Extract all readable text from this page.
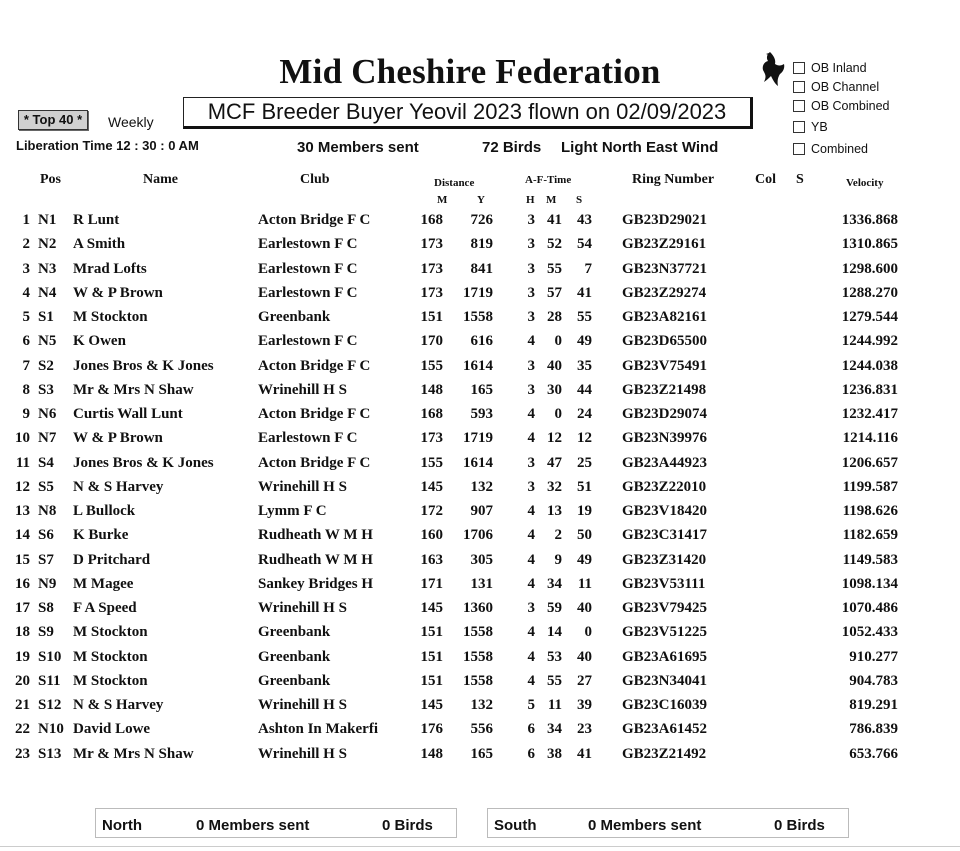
Mid Cheshire Federation	OB Inland
OB Channel
OB Combined
YB
Combined
* Top 40 *	Weekly	MCF Breeder Buyer Yeovil 2023 flown on 02/09/2023
Liberation Time 12 : 30 : 0 AM	30 Members sent	72 Birds Light North East Wind
Pos	Name	Club	Distance
M	Y
A-F-Time
H M S
Ring Number	Col S	Velocity
1 N1 R Lunt	Acton Bridge F C	168 726 3 41 43 GB23D29021	1336.868
2 N2 A Smith	Earlestown F C	173 819 3 52 54 GB23Z29161	1310.865
3 N3 Mrad Lofts	Earlestown F C	173 841 3 55 7 GB23N37721	1298.600
4 N4 W & P Brown	Earlestown F C	173 1719 3 57 41 GB23Z29274	1288.270
5 S1 M Stockton	Greenbank	151 1558 3 28 55 GB23A82161	1279.544
6 N5 K Owen	Earlestown F C	170 616 4 0 49 GB23D65500	1244.992
7 S2 Jones Bros & K Jones	Acton Bridge F C	155 1614 3 40 35 GB23V75491	1244.038
8 S3 Mr & Mrs N Shaw	Wrinehill H S	148 165 3 30 44 GB23Z21498	1236.831
9 N6 Curtis Wall Lunt	Acton Bridge F C	168 593 4 0 24 GB23D29074	1232.417
10 N7 W & P Brown	Earlestown F C	173 1719 4 12 12 GB23N39976	1214.116
11 S4 Jones Bros & K Jones	Acton Bridge F C	155 1614 3 47 25 GB23A44923	1206.657
12 S5 N & S Harvey	Wrinehill H S	145 132 3 32 51 GB23Z22010	1199.587
13 N8 L Bullock	Lymm F C	172 907 4 13 19 GB23V18420	1198.626
14 S6 K Burke	Rudheath W M H	160 1706 4 2 50 GB23C31417	1182.659
15 S7 D Pritchard	Rudheath W M H	163 305 4 9 49 GB23Z31420	1149.583
16 N9 M Magee	Sankey Bridges H	171 131 4 34 11 GB23V53111	1098.134
17 S8 F A Speed	Wrinehill H S	145 1360 3 59 40 GB23V79425	1070.486
18 S9 M Stockton	Greenbank	151 1558 4 14 0 GB23V51225	1052.433
19 S10 M Stockton	Greenbank	151 1558 4 53 40 GB23A61695	910.277
20 S11 M Stockton	Greenbank	151 1558 4 55 27 GB23N34041	904.783
21 S12 N & S Harvey	Wrinehill H S	145 132 5 11 39 GB23C16039	819.291
22 N10 David Lowe	Ashton In Makerfi	176 556 6 34 23 GB23A61452	786.839
23 S13 Mr & Mrs N Shaw	Wrinehill H S	148 165 6 38 41 GB23Z21492	653.766
North	0 Members sent	0 Birds	South	0 Members sent	0 Birds
